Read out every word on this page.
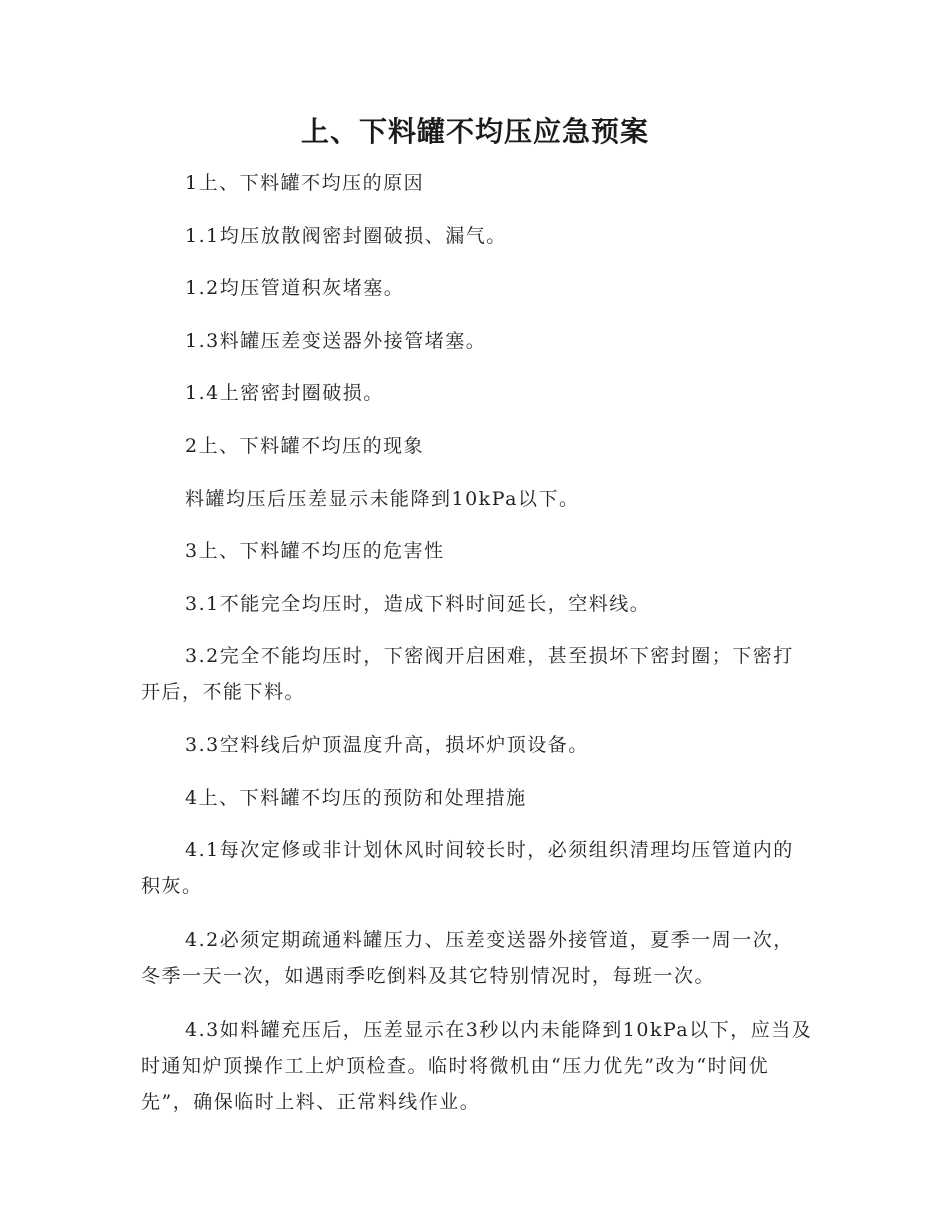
上、下料罐不均压应急预案
1上、下料罐不均压的原因
1.1均压放散阀密封圈破损、漏气。
1.2均压管道积灰堵塞。
1.3料罐压差变送器外接管堵塞。
1.4上密密封圈破损。
2上、下料罐不均压的现象
料罐均压后压差显示未能降到10kPa以下。
3上、下料罐不均压的危害性
3.1不能完全均压时，造成下料时间延长，空料线。
3.2完全不能均压时，下密阀开启困难，甚至损坏下密封圈；下密打开后，不能下料。
3.3空料线后炉顶温度升高，损坏炉顶设备。
4上、下料罐不均压的预防和处理措施
4.1每次定修或非计划休风时间较长时，必须组织清理均压管道内的积灰。
4.2必须定期疏通料罐压力、压差变送器外接管道，夏季一周一次，冬季一天一次，如遇雨季吃倒料及其它特别情况时，每班一次。
4.3如料罐充压后，压差显示在3秒以内未能降到10kPa以下，应当及时通知炉顶操作工上炉顶检查。临时将微机由“压力优先”改为“时间优先”，确保临时上料、正常料线作业。
